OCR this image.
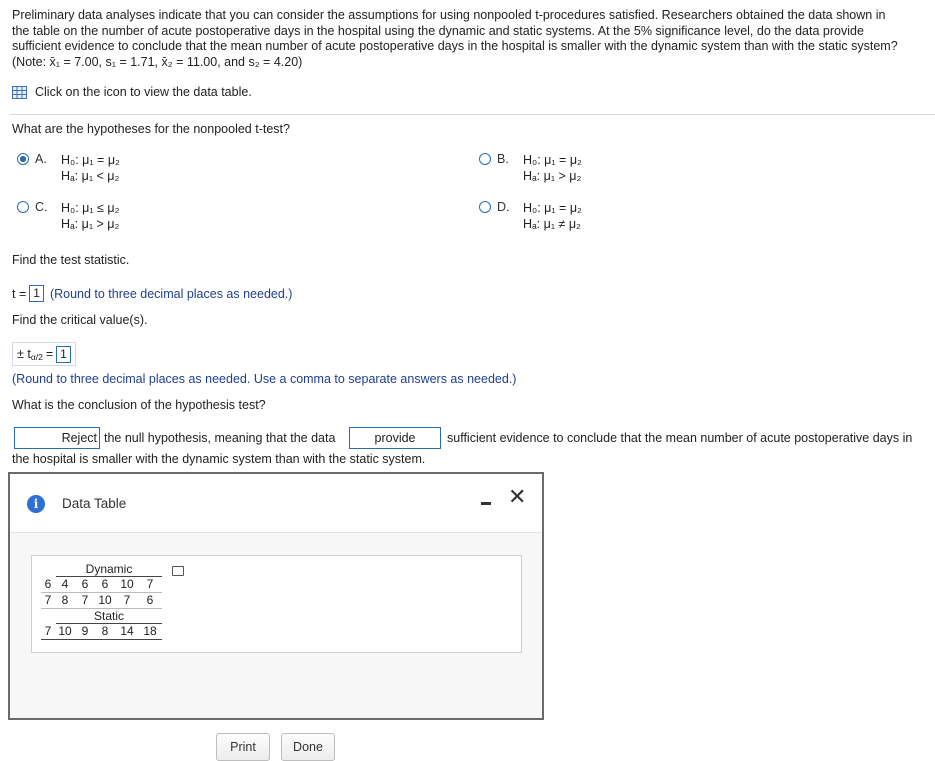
Preliminary data analyses indicate that you can consider the assumptions for using nonpooled t-procedures satisfied. Researchers obtained the data shown in
the table on the number of acute postoperative days in the hospital using the dynamic and static systems. At the 5% significance level, do the data provide
sufficient evidence to conclude that the mean number of acute postoperative days in the hospital is smaller with the dynamic system than with the static system?
(Note: x̄₁ = 7.00, s₁ = 1.71, x̄₂ = 11.00, and s₂ = 4.20)
Click on the icon to view the data table.
What are the hypotheses for the nonpooled t-test?
A. H₀: μ₁ = μ₂
Hₐ: μ₁ < μ₂
B. H₀: μ₁ = μ₂
Hₐ: μ₁ > μ₂
C. H₀: μ₁ ≤ μ₂
Hₐ: μ₁ > μ₂
D. H₀: μ₁ = μ₂
Hₐ: μ₁ ≠ μ₂
Find the test statistic.
t = 1 (Round to three decimal places as needed.)
Find the critical value(s).
± $t_{\alpha/2} = 1$
(Round to three decimal places as needed. Use a comma to separate answers as needed.)
What is the conclusion of the hypothesis test?
Reject the null hypothesis, meaning that the data	provide	sufficient evidence to conclude that the mean number of acute postoperative days in
the hospital is smaller with the dynamic system than with the static system.
i	Data Table	✕
Dynamic
6 4	6	6 10	7
7 8	7 10 7	6
Static
7 10 9	8 14 18
Print	Done
